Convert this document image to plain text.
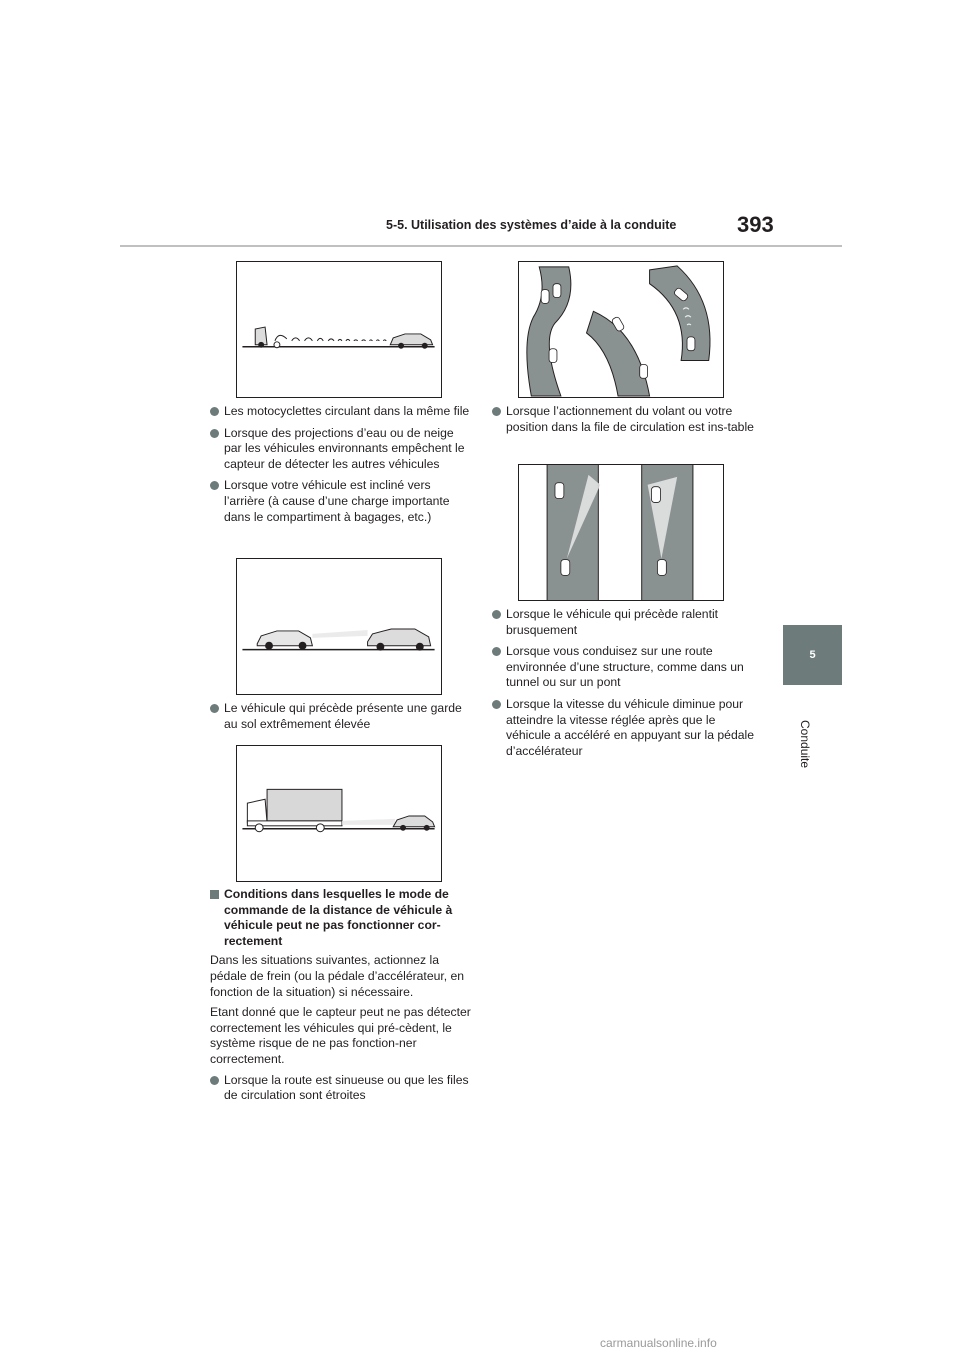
5-5. Utilisation des systèmes d’aide à la conduite	393
5
Conduite
Les motocyclettes circulant dans la même file
Lorsque des projections d’eau ou de neige par les véhicules environnants empêchent le capteur de détecter les autres véhicules
Lorsque votre véhicule est incliné vers l’arrière (à cause d’une charge importante dans le compartiment à bagages, etc.)
Le véhicule qui précède présente une garde au sol extrêmement élevée
Conditions dans lesquelles le mode de commande de la distance de véhicule à véhicule peut ne pas fonctionner cor-rectement

Dans les situations suivantes, actionnez la pédale de frein (ou la pédale d’accélérateur, en fonction de la situation) si nécessaire.

Etant donné que le capteur peut ne pas détecter correctement les véhicules qui pré-cèdent, le système risque de ne pas fonction-ner correctement.

Lorsque la route est sinueuse ou que les files de circulation sont étroites
Lorsque l’actionnement du volant ou votre position dans la file de circulation est ins-table
Lorsque le véhicule qui précède ralentit brusquement
Lorsque vous conduisez sur une route environnée d’une structure, comme dans un tunnel ou sur un pont
Lorsque la vitesse du véhicule diminue pour atteindre la vitesse réglée après que le véhicule a accéléré en appuyant sur la pédale d’accélérateur
carmanualsonline.info
